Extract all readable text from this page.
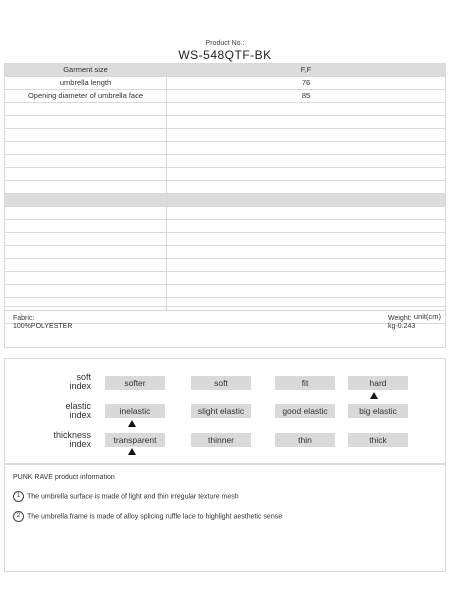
Product No.:
WS-548QTF-BK
Garment size	F,F
umbrella length	76
Opening diameter of umbrella face	85

unit(cm)	
Fabric:
100%POLYESTER
Weight:
kg-0.243
soft
index	softer	soft	fit	hard
elastic
index	inelastic	slight elastic	good elastic	big elastic
thickness
index	transparent	thinner	thin	thick
PUNK RAVE product information
1 The umbrella surface is made of light and thin irregular texture mesh
2 The umbrella frame is made of alloy splicing ruffle lace to highlight aesthetic sense
